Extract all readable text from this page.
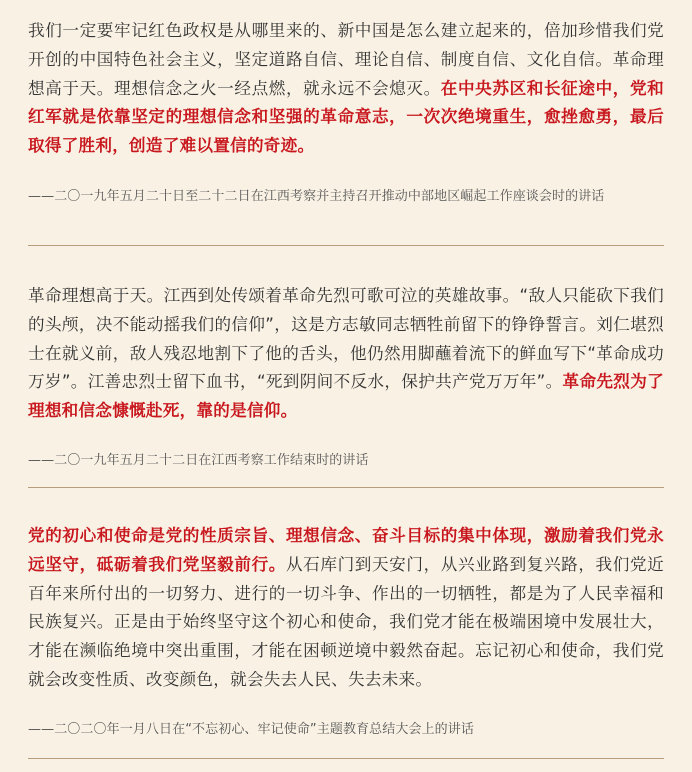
我们一定要牢记红色政权是从哪里来的、新中国是怎么建立起来的，倍加珍惜我们党开创的中国特色社会主义，坚定道路自信、理论自信、制度自信、文化自信。革命理想高于天。理想信念之火一经点燃，就永远不会熄灭。在中央苏区和长征途中，党和红军就是依靠坚定的理想信念和坚强的革命意志，一次次绝境重生，愈挫愈勇，最后取得了胜利，创造了难以置信的奇迹。

——二〇一九年五月二十日至二十二日在江西考察并主持召开推动中部地区崛起工作座谈会时的讲话

革命理想高于天。江西到处传颂着革命先烈可歌可泣的英雄故事。“敌人只能砍下我们的头颅，决不能动摇我们的信仰”，这是方志敏同志牺牲前留下的铮铮誓言。刘仁堪烈士在就义前，敌人残忍地割下了他的舌头，他仍然用脚蘸着流下的鲜血写下“革命成功万岁”。江善忠烈士留下血书，“死到阴间不反水，保护共产党万万年”。革命先烈为了理想和信念慷慨赴死，靠的是信仰。

——二〇一九年五月二十二日在江西考察工作结束时的讲话

党的初心和使命是党的性质宗旨、理想信念、奋斗目标的集中体现，激励着我们党永远坚守，砥砺着我们党坚毅前行。从石库门到天安门，从兴业路到复兴路，我们党近百年来所付出的一切努力、进行的一切斗争、作出的一切牺牲，都是为了人民幸福和民族复兴。正是由于始终坚守这个初心和使命，我们党才能在极端困境中发展壮大，才能在濒临绝境中突出重围，才能在困顿逆境中毅然奋起。忘记初心和使命，我们党就会改变性质、改变颜色，就会失去人民、失去未来。

——二〇二〇年一月八日在“不忘初心、牢记使命”主题教育总结大会上的讲话
